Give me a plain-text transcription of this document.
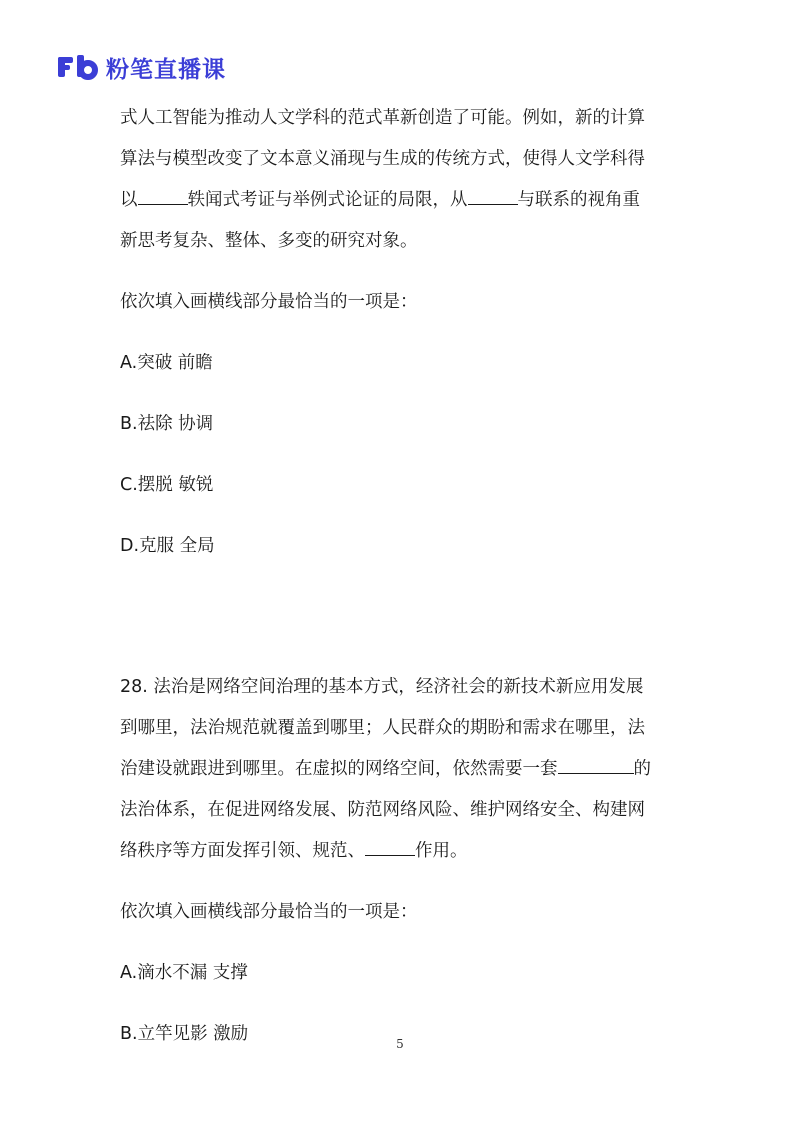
粉笔直播课
式人工智能为推动人文学科的范式革新创造了可能。例如，新的计算
算法与模型改变了文本意义涌现与生成的传统方式，使得人文学科得
以	轶闻式考证与举例式论证的局限，从	与联系的视角重
新思考复杂、整体、多变的研究对象。
依次填入画横线部分最恰当的一项是：
A.突破 前瞻
B.祛除 协调
C.摆脱 敏锐
D.克服 全局
28. 法治是网络空间治理的基本方式，经济社会的新技术新应用发展
到哪里，法治规范就覆盖到哪里；人民群众的期盼和需求在哪里，法
治建设就跟进到哪里。在虚拟的网络空间，依然需要一套	的
法治体系，在促进网络发展、防范网络风险、维护网络安全、构建网
络秩序等方面发挥引领、规范、	作用。
依次填入画横线部分最恰当的一项是：
A.滴水不漏 支撑
B.立竿见影 激励	5
